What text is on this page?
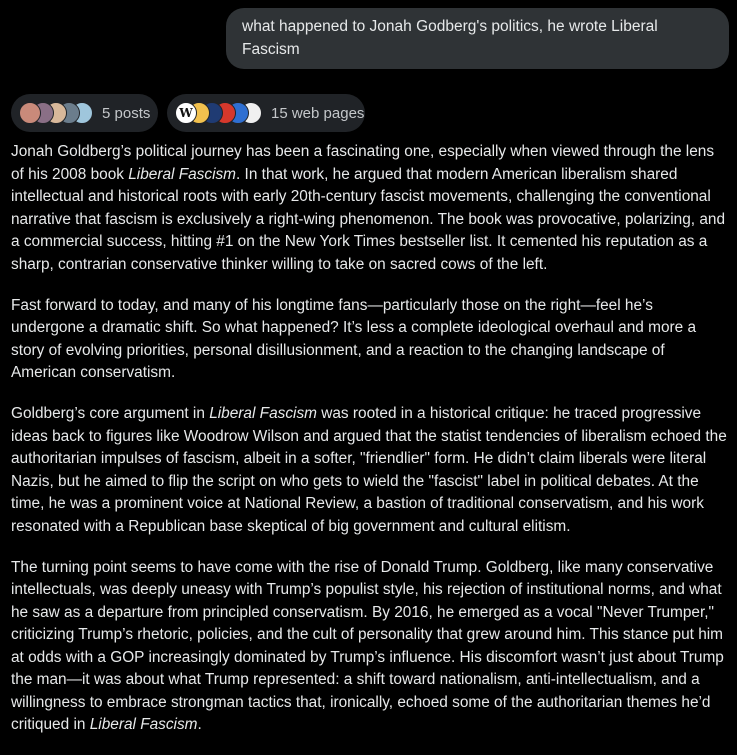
what happened to Jonah Godberg's politics, he wrote Liberal Fascism
5 posts	W	15 web pages

Jonah Goldberg’s political journey has been a fascinating one, especially when viewed through the lens of his 2008 book Liberal Fascism. In that work, he argued that modern American liberalism shared intellectual and historical roots with early 20th-century fascist movements, challenging the conventional narrative that fascism is exclusively a right-wing phenomenon. The book was provocative, polarizing, and a commercial success, hitting #1 on the New York Times bestseller list. It cemented his reputation as a sharp, contrarian conservative thinker willing to take on sacred cows of the left.

Fast forward to today, and many of his longtime fans—particularly those on the right—feel he’s undergone a dramatic shift. So what happened? It’s less a complete ideological overhaul and more a story of evolving priorities, personal disillusionment, and a reaction to the changing landscape of American conservatism.

Goldberg’s core argument in Liberal Fascism was rooted in a historical critique: he traced progressive ideas back to figures like Woodrow Wilson and argued that the statist tendencies of liberalism echoed the authoritarian impulses of fascism, albeit in a softer, "friendlier" form. He didn’t claim liberals were literal Nazis, but he aimed to flip the script on who gets to wield the "fascist" label in political debates. At the time, he was a prominent voice at National Review, a bastion of traditional conservatism, and his work resonated with a Republican base skeptical of big government and cultural elitism.

The turning point seems to have come with the rise of Donald Trump. Goldberg, like many conservative intellectuals, was deeply uneasy with Trump’s populist style, his rejection of institutional norms, and what he saw as a departure from principled conservatism. By 2016, he emerged as a vocal "Never Trumper," criticizing Trump’s rhetoric, policies, and the cult of personality that grew around him. This stance put him at odds with a GOP increasingly dominated by Trump’s influence. His discomfort wasn’t just about Trump the man—it was about what Trump represented: a shift toward nationalism, anti-intellectualism, and a willingness to embrace strongman tactics that, ironically, echoed some of the authoritarian themes he’d critiqued in Liberal Fascism.
